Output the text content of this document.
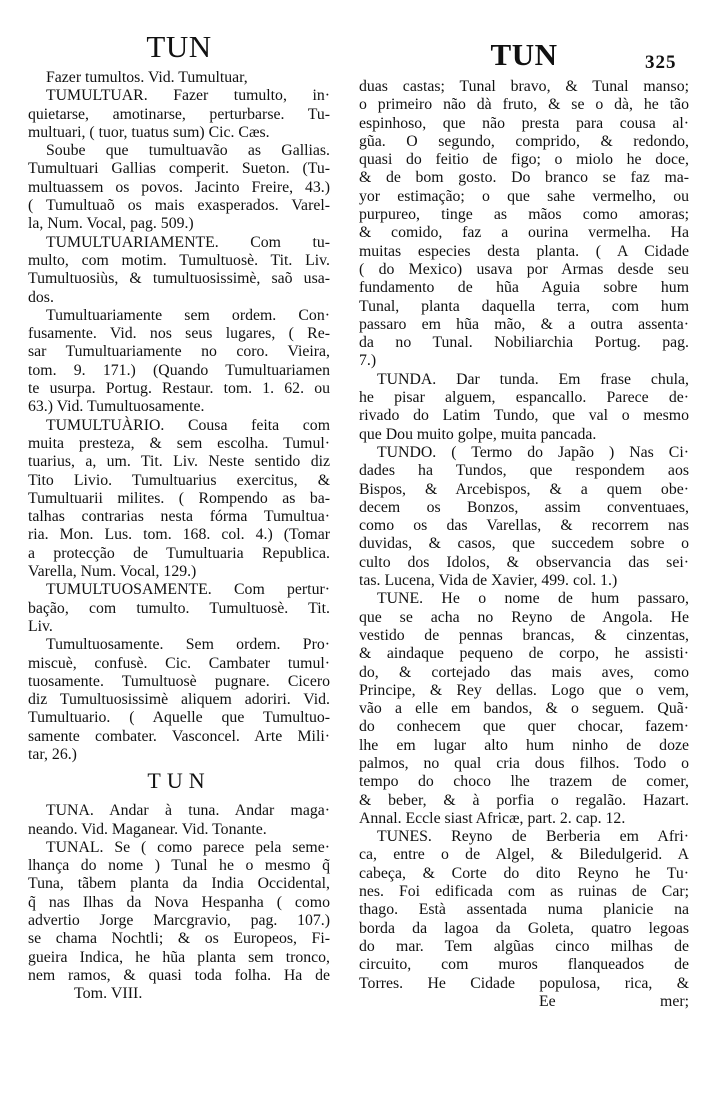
TUN	TUN	325
Fazer tumultos. Vid. Tumultuar,
TUMULTUAR. Fazer tumulto, in·
quietarse, amotinarse, perturbarse. Tu-
multuari, ( tuor, tuatus sum) Cic. Cæs.
Soube que tumultuavão as Gallias.
Tumultuari Gallias comperit. Sueton. (Tu-
multuassem os povos. Jacinto Freire, 43.)
( Tumultuaõ os mais exasperados. Varel-
la, Num. Vocal, pag. 509.)
TUMULTUARIAMENTE. Com tu-
multo, com motim. Tumultuosè. Tit. Liv.
Tumultuosiùs, & tumultuosissimè, saõ usa-
dos.
Tumultuariamente sem ordem. Con·
fusamente. Vid. nos seus lugares, ( Re-
sar Tumultuariamente no coro. Vieira,
tom. 9. 171.) (Quando Tumultuariamen
te usurpa. Portug. Restaur. tom. 1. 62. ou
63.) Vid. Tumultuosamente.
TUMULTUÀRIO. Cousa feita com
muita presteza, & sem escolha. Tumul·
tuarius, a, um. Tit. Liv. Neste sentido diz
Tito Livio. Tumultuarius exercitus, &
Tumultuarii milites. ( Rompendo as ba-
talhas contrarias nesta fórma Tumultua·
ria. Mon. Lus. tom. 168. col. 4.) (Tomar
a protecção de Tumultuaria Republica.
Varella, Num. Vocal, 129.)
TUMULTUOSAMENTE. Com pertur·
bação, com tumulto. Tumultuosè. Tit.
Liv.
Tumultuosamente. Sem ordem. Pro·
miscuè, confusè. Cic. Cambater tumul·
tuosamente. Tumultuosè pugnare. Cicero
diz Tumultuosissimè aliquem adoriri. Vid.
Tumultuario. ( Aquelle que Tumultuo-
samente combater. Vasconcel. Arte Mili·
tar, 26.)
TUN
TUNA. Andar à tuna. Andar maga·
neando. Vid. Maganear. Vid. Tonante.
TUNAL. Se ( como parece pela seme·
lhança do nome ) Tunal he o mesmo q̃
Tuna, tãbem planta da India Occidental,
q̃ nas Ilhas da Nova Hespanha ( como
advertio Jorge Marcgravio, pag. 107.)
se chama Nochtli; & os Europeos, Fi-
gueira Indica, he hũa planta sem tronco,
nem ramos, & quasi toda folha. Ha de
Tom. VIII.
duas castas; Tunal bravo, & Tunal manso;
o primeiro não dà fruto, & se o dà, he tão
espinhoso, que não presta para cousa al·
gũa. O segundo, comprido, & redondo,
quasi do feitio de figo; o miolo he doce,
& de bom gosto. Do branco se faz ma-
yor estimação; o que sahe vermelho, ou
purpureo, tinge as mãos como amoras;
& comido, faz a ourina vermelha. Ha
muitas especies desta planta. ( A Cidade
( do Mexico) usava por Armas desde seu
fundamento de hũa Aguia sobre hum
Tunal, planta daquella terra, com hum
passaro em hũa mão, & a outra assenta·
da no Tunal. Nobiliarchia Portug. pag.
7.)
TUNDA. Dar tunda. Em frase chula,
he pisar alguem, espancallo. Parece de·
rivado do Latim Tundo, que val o mesmo
que Dou muito golpe, muita pancada.
TUNDO. ( Termo do Japão ) Nas Ci·
dades ha Tundos, que respondem aos
Bispos, & Arcebispos, & a quem obe·
decem os Bonzos, assim conventuaes,
como os das Varellas, & recorrem nas
duvidas, & casos, que succedem sobre o
culto dos Idolos, & observancia das sei·
tas. Lucena, Vida de Xavier, 499. col. 1.)
TUNE. He o nome de hum passaro,
que se acha no Reyno de Angola. He
vestido de pennas brancas, & cinzentas,
& aindaque pequeno de corpo, he assisti·
do, & cortejado das mais aves, como
Principe, & Rey dellas. Logo que o vem,
vão a elle em bandos, & o seguem. Quã·
do conhecem que quer chocar, fazem·
lhe em lugar alto hum ninho de doze
palmos, no qual cria dous filhos. Todo o
tempo do choco lhe trazem de comer,
& beber, & à porfia o regalão. Hazart.
Annal. Eccle siast Africæ, part. 2. cap. 12.
TUNES. Reyno de Berberia em Afri·
ca, entre o de Algel, & Biledulgerid. A
cabeça, & Corte do dito Reyno he Tu·
nes. Foi edificada com as ruinas de Car;
thago. Està assentada numa planicie na
borda da lagoa da Goleta, quatro legoas
do mar. Tem algũas cinco milhas de
circuito, com muros flanqueados de
Torres. He Cidade populosa, rica, &
Ee	mer;
